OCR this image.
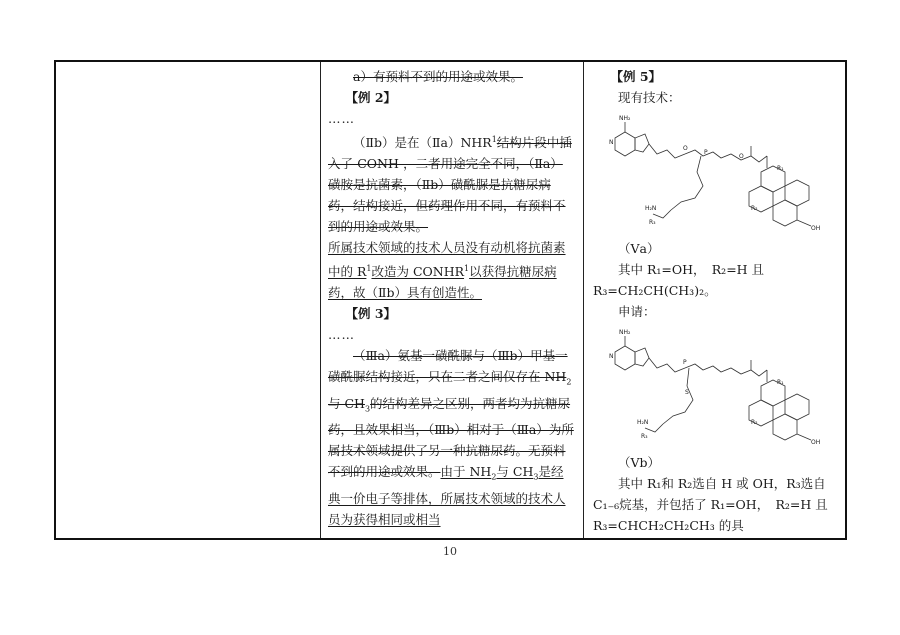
a）有预料不到的用途或效果。

【例 2】

……

（Ⅱb）是在（Ⅱa）NHR$^1$结构片段中插入了-CONH-，二者用途完全不同，（Ⅱa）磺胺是抗菌素，（Ⅱb）磺酰脲是抗糖尿病药，结构接近，但药理作用不同，有预料不到的用途或效果。

所属技术领域的技术人员没有动机将抗菌素中的 $R^1$改造为 CONHR$^1$以获得抗糖尿病药，故（Ⅱb）具有创造性。

【例 3】

……

（Ⅲa）氨基一磺酰脲与（Ⅲb）甲基一磺酰脲结构接近，只在二者之间仅存在 $NH_2$与 $CH_3$的结构差异之区别，两者均为抗糖尿药，且效果相当，（Ⅲb）相对于（Ⅲa）为所属技术领域提供了另一种抗糖尿药。无预料不到的用途或效果。由于 $NH_2$与 $CH_3$是经典一价电子等排体，所属技术领域的技术人员为获得相同或相当

【例 5】

现有技术：

NH₂
N
O
P
O
H₂N
R₃
R₂
R₁
OH

（Ⅴa）

其中 R₁=OH，　R₂=H 且 R₃=CH₂CH(CH₃)₂。

申请：

NH₂
N
P
S
H₂N
R₃
R₂
R₁
OH

（Ⅴb）

其中 R₁和 R₂选自 H 或 OH，R₃选自 C₁₋₆烷基，并包括了 R₁=OH，　R₂=H 且 R₃=CHCH₂CH₂CH₃ 的具

10
